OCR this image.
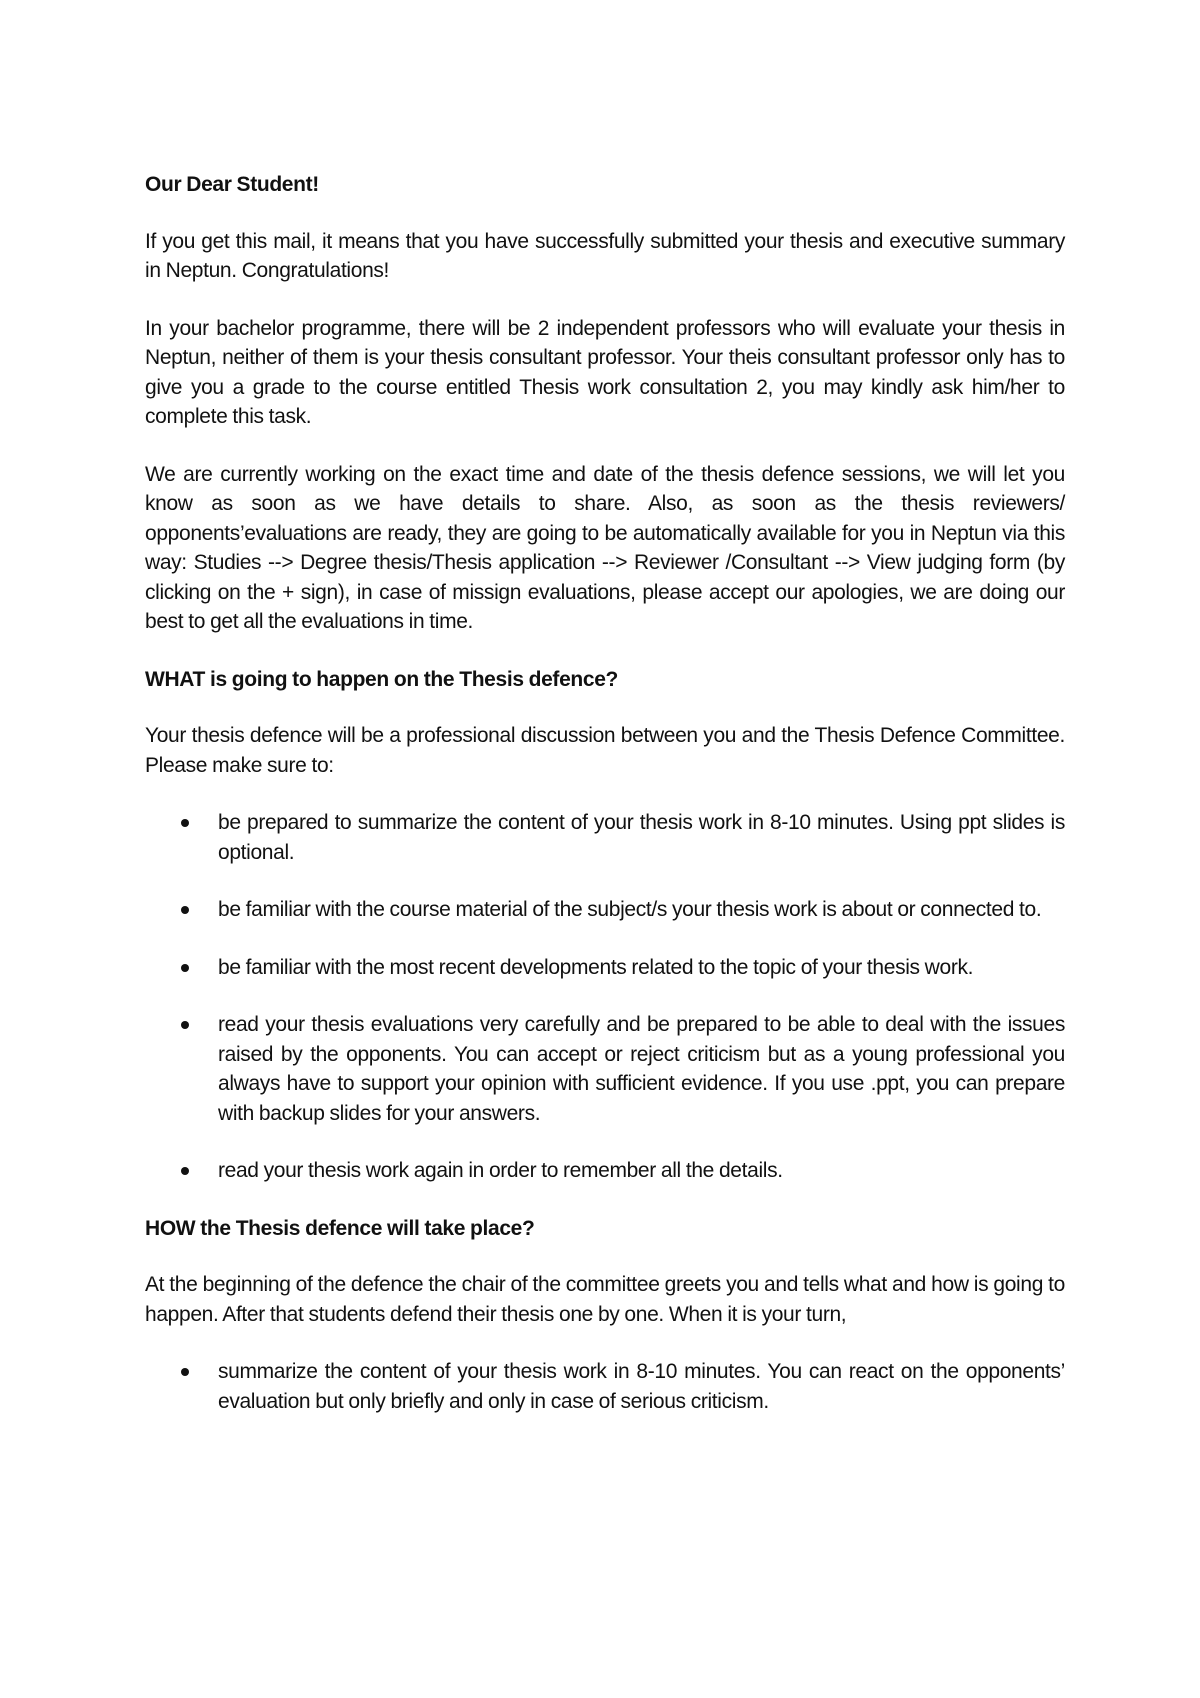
Our Dear Student!

If you get this mail, it means that you have successfully submitted your thesis and executive summary in Neptun. Congratulations!

In your bachelor programme, there will be 2 independent professors who will evaluate your thesis in Neptun, neither of them is your thesis consultant professor. Your theis consultant professor only has to give you a grade to the course entitled Thesis work consultation 2, you may kindly ask him/her to complete this task.

We are currently working on the exact time and date of the thesis defence sessions, we will let you know as soon as we have details to share. Also, as soon as the thesis reviewers/ opponents’evaluations are ready, they are going to be automatically available for you in Neptun via this way: Studies --> Degree thesis/Thesis application --> Reviewer /Consultant --> View judging form (by clicking on the + sign), in case of missign evaluations, please accept our apologies, we are doing our best to get all the evaluations in time.

WHAT is going to happen on the Thesis defence?

Your thesis defence will be a professional discussion between you and the Thesis Defence Committee. Please make sure to:

be prepared to summarize the content of your thesis work in 8-10 minutes. Using ppt slides is optional.
be familiar with the course material of the subject/s your thesis work is about or connected to.
be familiar with the most recent developments related to the topic of your thesis work.
read your thesis evaluations very carefully and be prepared to be able to deal with the issues raised by the opponents. You can accept or reject criticism but as a young professional you always have to support your opinion with sufficient evidence. If you use .ppt, you can prepare with backup slides for your answers.
read your thesis work again in order to remember all the details.

HOW the Thesis defence will take place?

At the beginning of the defence the chair of the committee greets you and tells what and how is going to happen. After that students defend their thesis one by one. When it is your turn,

summarize the content of your thesis work in 8-10 minutes. You can react on the opponents’ evaluation but only briefly and only in case of serious criticism.
